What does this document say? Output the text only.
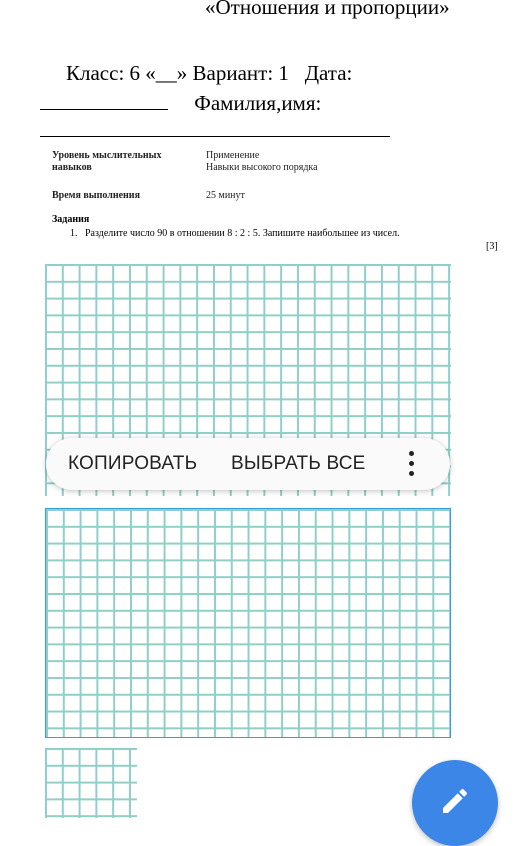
«Отношения и пропорции»
Класс: 6 «__» Вариант: 1 Дата:
Фамилия,имя:
Уровень мыслительных навыков
Применение
Навыки высокого порядка
Время выполнения	25 минут
Задания
1. Разделите число 90 в отношении 8 : 2 : 5. Запишите наибольшее из чисел.
[3]
КОПИРОВАТЬ ВЫБРАТЬ ВСЕ
